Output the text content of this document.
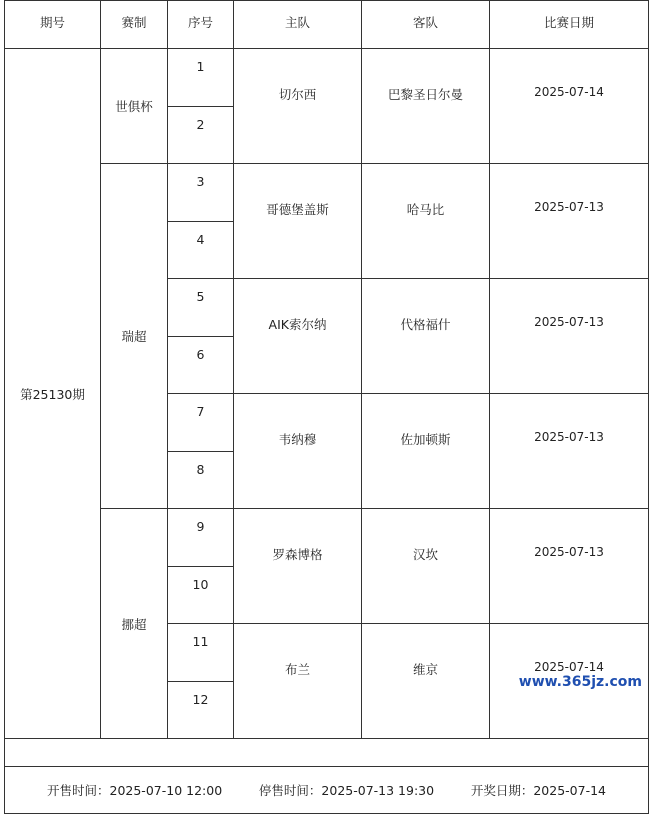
期号	赛制	序号	主队	客队	比赛日期
第25130期	世俱杯	1	切尔西	巴黎圣日尔曼	2025-07-14
		2			
	瑞超	3	哥德堡盖斯	哈马比	2025-07-13
		4			
		5	AIK索尔纳	代格福什	2025-07-13
		6			
		7	韦纳穆	佐加顿斯	2025-07-13
		8			
	挪超	9	罗森博格	汉坎	2025-07-13
		10			
		11	布兰	维京	2025-07-14
		12			

开售时间：2025-07-10 12:00 停售时间：2025-07-13 19:30 开奖日期：2025-07-14					
www.365jz.com
